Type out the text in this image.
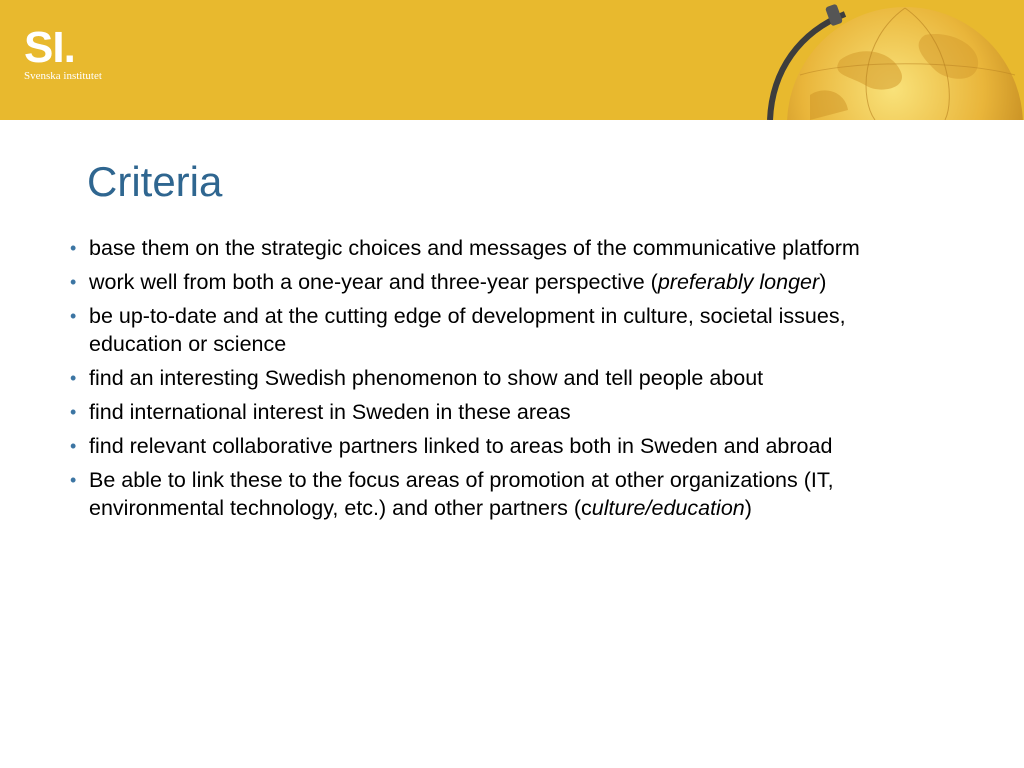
SI.
Svenska institutet
Criteria
• base them on the strategic choices and messages of the communicative platform
• work well from both a one-year and three-year perspective (preferably longer)
• be up-to-date and at the cutting edge of development in culture, societal issues, education or science
• find an interesting Swedish phenomenon to show and tell people about
• find international interest in Sweden in these areas
• find relevant collaborative partners linked to areas both in Sweden and abroad
• Be able to link these to the focus areas of promotion at other organizations (IT, environmental technology, etc.) and other partners (culture/education)
